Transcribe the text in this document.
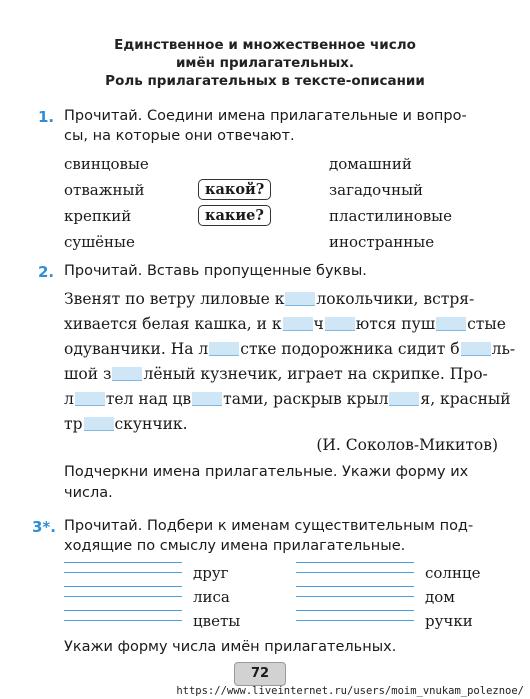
Единственное и множественное число
имён прилагательных.
Роль прилагательных в тексте-описании
1. Прочитай. Соедини имена прилагательные и вопро-
сы, на которые они отвечают.
свинцовые
отважный
крепкий
сушёные
какой?
какие?
домашний
загадочный
пластилиновые
иностранные
2. Прочитай. Вставь пропущенные буквы.
Звенят по ветру лиловые к локольчики, встря-
хивается белая кашка, и к ч ются пуш стые
одуванчики. На л стке подорожника сидит б ль-
шой з лёный кузнечик, играет на скрипке. Про-
л тел над цв тами, раскрыв крыл я, красный
тр скунчик.
(И. Соколов-Микитов)
Подчеркни имена прилагательные. Укажи форму их
числа.
3*. Прочитай. Подбери к именам существительным под-
ходящие по смыслу имена прилагательные.
друг
лиса
цветы
солнце
дом
ручки
Укажи форму числа имён прилагательных.
72
https://www.liveinternet.ru/users/moim_vnukam_poleznoe/
